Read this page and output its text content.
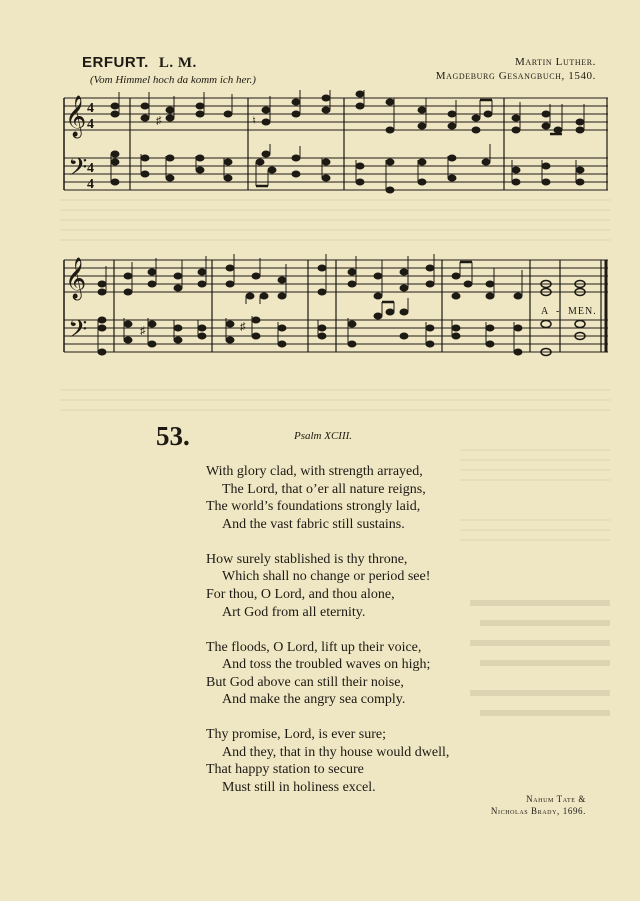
ERFURT. L. M.
(Vom Himmel hoch da komm ich her.)
Martin Luther.
Magdeburg Gesangbuch, 1540.
𝄞
𝄢
4
4
4
4
♯	♮
𝄞
𝄢	♯	♯
A - MEN.
53.	Psalm XCIII.
With glory clad, with strength arrayed,
The Lord, that o’er all nature reigns,
The world’s foundations strongly laid,
And the vast fabric still sustains.
How surely stablished is thy throne,
Which shall no change or period see!
For thou, O Lord, and thou alone,
Art God from all eternity.
The floods, O Lord, lift up their voice,
And toss the troubled waves on high;
But God above can still their noise,
And make the angry sea comply.
Thy promise, Lord, is ever sure;
And they, that in thy house would dwell,
That happy station to secure
Must still in holiness excel.
Nahum Tate &
Nicholas Brady, 1696.
